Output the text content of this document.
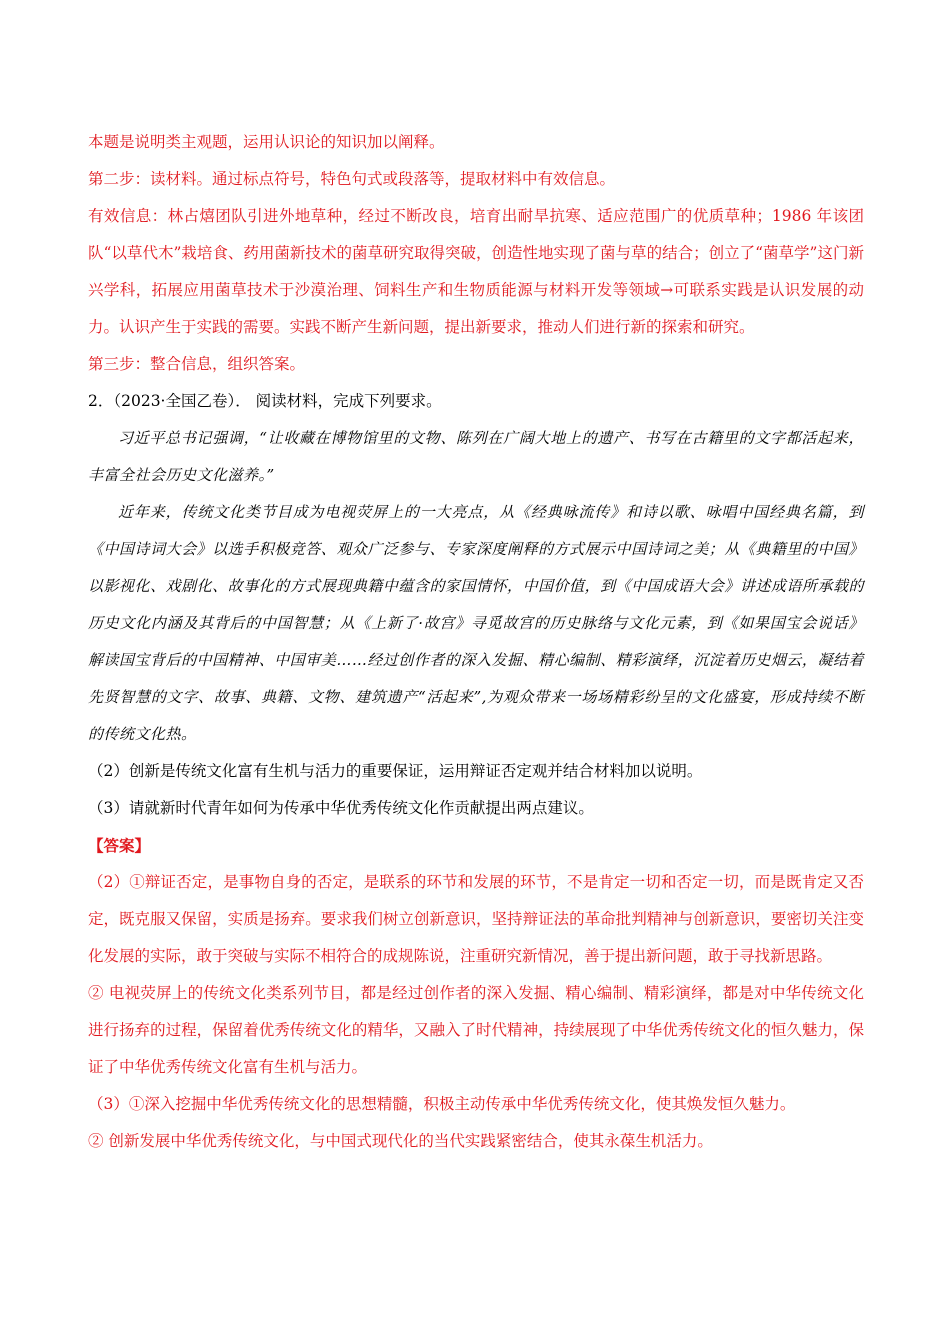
本题是说明类主观题，运用认识论的知识加以阐释。

第二步：读材料。通过标点符号，特色句式或段落等，提取材料中有效信息。

有效信息：林占熺团队引进外地草种，经过不断改良，培育出耐旱抗寒、适应范围广的优质草种；1986 年该团队“以草代木”栽培食、药用菌新技术的菌草研究取得突破，创造性地实现了菌与草的结合；创立了“菌草学”这门新兴学科，拓展应用菌草技术于沙漠治理、饲料生产和生物质能源与材料开发等领域→可联系实践是认识发展的动力。认识产生于实践的需要。实践不断产生新问题，提出新要求，推动人们进行新的探索和研究。

第三步：整合信息，组织答案。

2．（2023·全国乙卷）． 阅读材料，完成下列要求。

习近平总书记强调，“让收藏在博物馆里的文物、陈列在广阔大地上的遗产、书写在古籍里的文字都活起来，丰富全社会历史文化滋养。”

近年来，传统文化类节目成为电视荧屏上的一大亮点，从《经典咏流传》和诗以歌、咏唱中国经典名篇，到《中国诗词大会》以选手积极竞答、观众广泛参与、专家深度阐释的方式展示中国诗词之美；从《典籍里的中国》以影视化、戏剧化、故事化的方式展现典籍中蕴含的家国情怀，中国价值，到《中国成语大会》讲述成语所承载的历史文化内涵及其背后的中国智慧；从《上新了·故宫》寻觅故宫的历史脉络与文化元素，到《如果国宝会说话》解读国宝背后的中国精神、中国审美……经过创作者的深入发掘、精心编制、精彩演绎，沉淀着历史烟云，凝结着先贤智慧的文字、故事、典籍、文物、建筑遗产“活起来”,为观众带来一场场精彩纷呈的文化盛宴，形成持续不断的传统文化热。

（2）创新是传统文化富有生机与活力的重要保证，运用辩证否定观并结合材料加以说明。

（3）请就新时代青年如何为传承中华优秀传统文化作贡献提出两点建议。

【答案】

（2）①辩证否定，是事物自身的否定，是联系的环节和发展的环节，不是肯定一切和否定一切，而是既肯定又否定，既克服又保留，实质是扬弃。要求我们树立创新意识，坚持辩证法的革命批判精神与创新意识，要密切关注变化发展的实际，敢于突破与实际不相符合的成规陈说，注重研究新情况，善于提出新问题，敢于寻找新思路。

② 电视荧屏上的传统文化类系列节目，都是经过创作者的深入发掘、精心编制、精彩演绎，都是对中华传统文化进行扬弃的过程，保留着优秀传统文化的精华，又融入了时代精神，持续展现了中华优秀传统文化的恒久魅力，保证了中华优秀传统文化富有生机与活力。

（3）①深入挖掘中华优秀传统文化的思想精髓，积极主动传承中华优秀传统文化，使其焕发恒久魅力。

② 创新发展中华优秀传统文化，与中国式现代化的当代实践紧密结合，使其永葆生机活力。
